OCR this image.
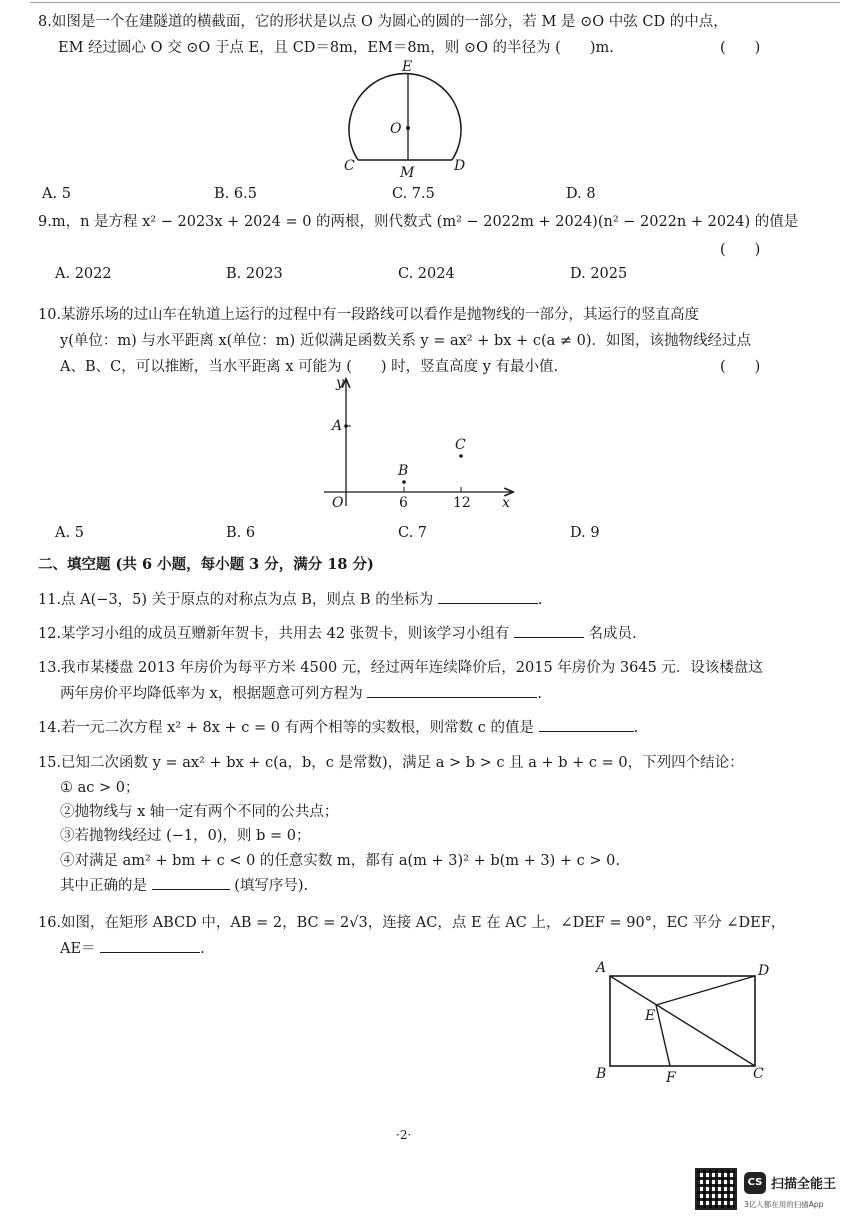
8.如图是一个在建隧道的横截面，它的形状是以点 O 为圆心的圆的一部分，若 M 是 ⊙O 中弦 CD 的中点，
EM 经过圆心 O 交 ⊙O 于点 E，且 CD＝8m，EM＝8m，则 ⊙O 的半径为 (　　)m.	(　　)
E
O
C	M	D
A. 5	B. 6.5	C. 7.5	D. 8
9.m，n 是方程 x² − 2023x + 2024 = 0 的两根，则代数式 (m² − 2022m + 2024)(n² − 2022n + 2024) 的值是
(　　)
A. 2022	B. 2023	C. 2024	D. 2025
10.某游乐场的过山车在轨道上运行的过程中有一段路线可以看作是抛物线的一部分，其运行的竖直高度
y(单位：m) 与水平距离 x(单位：m) 近似满足函数关系 y = ax² + bx + c(a ≠ 0)．如图，该抛物线经过点
A、B、C，可以推断，当水平距离 x 可能为 (　　) 时，竖直高度 y 有最小值.	(　　)
y
x
O
A
B
C
6	12
A. 5	B. 6	C. 7	D. 9
二、填空题 (共 6 小题，每小题 3 分，满分 18 分)
11.点 A(−3，5) 关于原点的对称点为点 B，则点 B 的坐标为	.
12.某学习小组的成员互赠新年贺卡，共用去 42 张贺卡，则该学习小组有	名成员.
13.我市某楼盘 2013 年房价为每平方米 4500 元，经过两年连续降价后，2015 年房价为 3645 元．设该楼盘这
两年房价平均降低率为 x，根据题意可列方程为	.
14.若一元二次方程 x² + 8x + c = 0 有两个相等的实数根，则常数 c 的值是	.
15.已知二次函数 y = ax² + bx + c(a，b，c 是常数)，满足 a > b > c 且 a + b + c = 0，下列四个结论：
① ac > 0；
②抛物线与 x 轴一定有两个不同的公共点；
③若抛物线经过 (−1，0)，则 b = 0；
④对满足 am² + bm + c < 0 的任意实数 m，都有 a(m + 3)² + b(m + 3) + c > 0.
其中正确的是	(填写序号).
16.如图，在矩形 ABCD 中，AB = 2，BC = 2√3，连接 AC，点 E 在 AC 上，∠DEF = 90°，EC 平分 ∠DEF，
AE＝	.
A	D
E
B	F	C
·2·
CS 扫描全能王
3亿人都在用的扫描App
